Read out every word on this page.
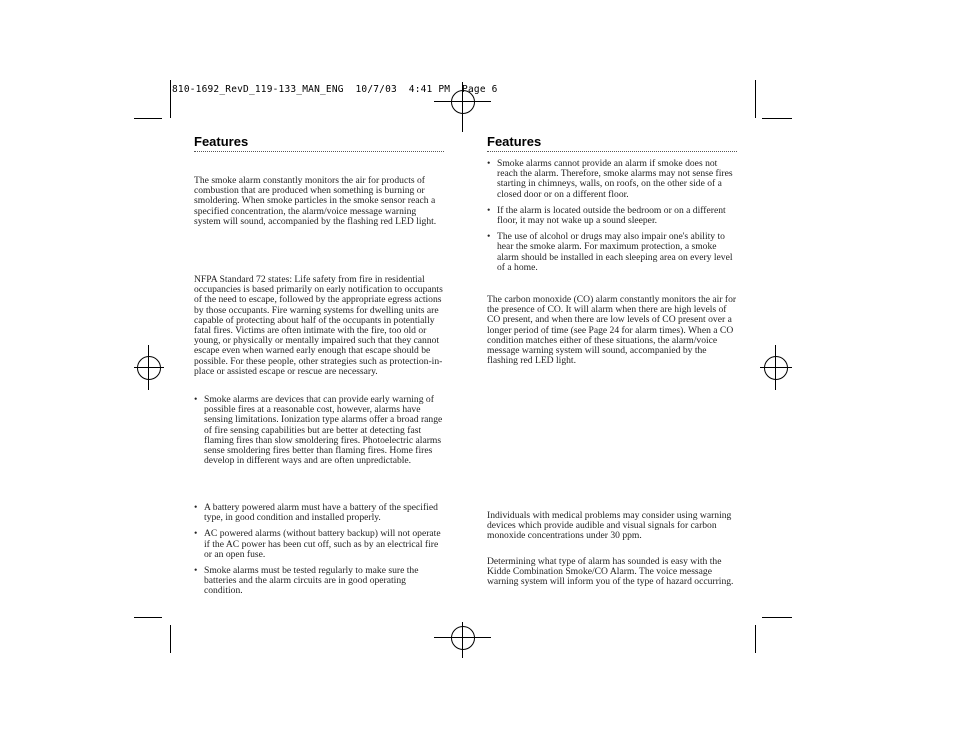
810-1692_RevD_119-133_MAN_ENG  10/7/03  4:41 PM  Page 6
Features

The smoke alarm constantly monitors the air for products of combustion that are produced when something is burning or smoldering. When smoke particles in the smoke sensor reach a specified concentration, the alarm/voice message warning system will sound, accompanied by the flashing red LED light.

NFPA Standard 72 states: Life safety from fire in residential occupancies is based primarily on early notification to occupants of the need to escape, followed by the appropriate egress actions by those occupants. Fire warning systems for dwelling units are capable of protecting about half of the occupants in potentially fatal fires. Victims are often intimate with the fire, too old or young, or physically or mentally impaired such that they cannot escape even when warned early enough that escape should be possible. For these people, other strategies such as protection-in-place or assisted escape or rescue are necessary.

• Smoke alarms are devices that can provide early warning of possible fires at a reasonable cost, however, alarms have sensing limitations. Ionization type alarms offer a broad range of fire sensing capabilities but are better at detecting fast flaming fires than slow smoldering fires. Photoelectric alarms sense smoldering fires better than flaming fires. Home fires develop in different ways and are often unpredictable.
• A battery powered alarm must have a battery of the specified type, in good condition and installed properly.
• AC powered alarms (without battery backup) will not operate if the AC power has been cut off, such as by an electrical fire or an open fuse.
• Smoke alarms must be tested regularly to make sure the batteries and the alarm circuits are in good operating condition.
Features
• Smoke alarms cannot provide an alarm if smoke does not reach the alarm. Therefore, smoke alarms may not sense fires starting in chimneys, walls, on roofs, on the other side of a closed door or on a different floor.
• If the alarm is located outside the bedroom or on a different floor, it may not wake up a sound sleeper.
• The use of alcohol or drugs may also impair one's ability to hear the smoke alarm. For maximum protection, a smoke alarm should be installed in each sleeping area on every level of a home.

The carbon monoxide (CO) alarm constantly monitors the air for the presence of CO. It will alarm when there are high levels of CO present, and when there are low levels of CO present over a longer period of time (see Page 24 for alarm times). When a CO condition matches either of these situations, the alarm/voice message warning system will sound, accompanied by the flashing red LED light.

Individuals with medical problems may consider using warning devices which provide audible and visual signals for carbon monoxide concentrations under 30 ppm.

Determining what type of alarm has sounded is easy with the Kidde Combination Smoke/CO Alarm. The voice message warning system will inform you of the type of hazard occurring.
